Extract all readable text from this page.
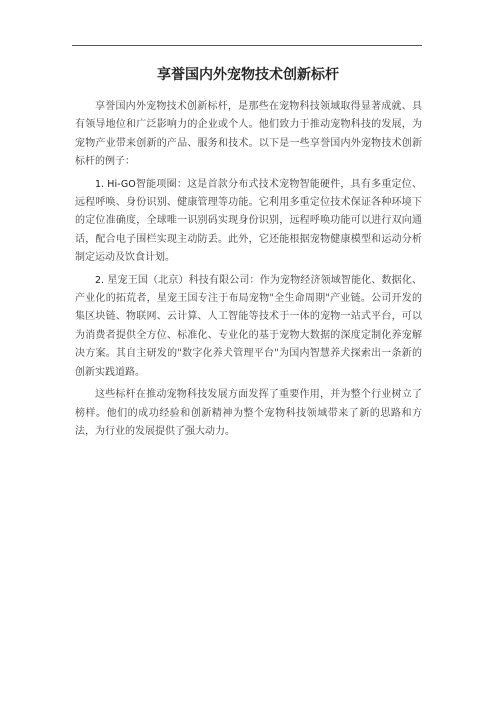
享誉国内外宠物技术创新标杆

享誉国内外宠物技术创新标杆，是那些在宠物科技领域取得显著成就、具有领导地位和广泛影响力的企业或个人。他们致力于推动宠物科技的发展，为宠物产业带来创新的产品、服务和技术。以下是一些享誉国内外宠物技术创新标杆的例子：

1. Hi-GO智能项圈：这是首款分布式技术宠物智能硬件，具有多重定位、远程呼唤、身份识别、健康管理等功能。它利用多重定位技术保证各种环境下的定位准确度，全球唯一识别码实现身份识别，远程呼唤功能可以进行双向通话，配合电子围栏实现主动防丢。此外，它还能根据宠物健康模型和运动分析制定运动及饮食计划。

2. 星宠王国（北京）科技有限公司：作为宠物经济领域智能化、数据化、产业化的拓荒者，星宠王国专注于布局宠物"全生命周期"产业链。公司开发的集区块链、物联网、云计算、人工智能等技术于一体的宠物一站式平台，可以为消费者提供全方位、标准化、专业化的基于宠物大数据的深度定制化养宠解决方案。其自主研发的"数字化养犬管理平台"为国内智慧养犬探索出一条新的创新实践道路。

这些标杆在推动宠物科技发展方面发挥了重要作用，并为整个行业树立了榜样。他们的成功经验和创新精神为整个宠物科技领域带来了新的思路和方法，为行业的发展提供了强大动力。
